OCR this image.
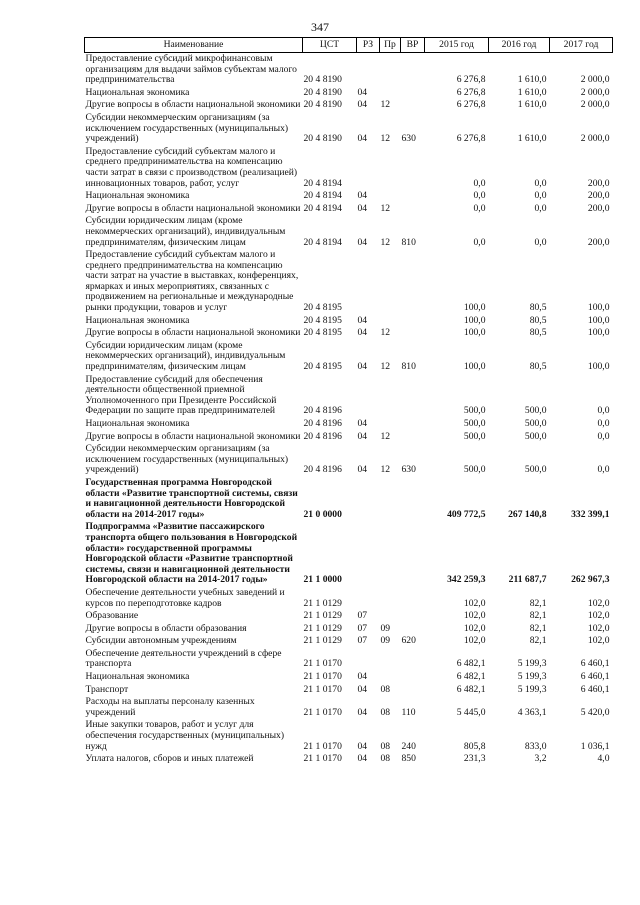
347
Наименование	ЦСТ	РЗ	Пр	ВР	2015 год	2016 год	2017 год
Предоставление субсидий микрофинансовым организациям для выдачи займов субъектам малого предпринимательства	20 4 8190				6 276,8	1 610,0	2 000,0
Национальная экономика	20 4 8190	04			6 276,8	1 610,0	2 000,0
Другие вопросы в области национальной экономики	20 4 8190	04	12		6 276,8	1 610,0	2 000,0
Субсидии некоммерческим организациям (за исключением государственных (муниципальных) учреждений)	20 4 8190	04	12	630	6 276,8	1 610,0	2 000,0
Предоставление субсидий субъектам малого и среднего предпринимательства на компенсацию части затрат в связи с производством (реализацией) инновационных товаров, работ, услуг	20 4 8194				0,0	0,0	200,0
Национальная экономика	20 4 8194	04			0,0	0,0	200,0
Другие вопросы в области национальной экономики	20 4 8194	04	12		0,0	0,0	200,0
Субсидии юридическим лицам (кроме некоммерческих организаций), индивидуальным предпринимателям, физическим лицам	20 4 8194	04	12	810	0,0	0,0	200,0
Предоставление субсидий субъектам малого и среднего предпринимательства на компенсацию части затрат на участие в выставках, конференциях, ярмарках и иных мероприятиях, связанных с продвижением на региональные и международные рынки продукции, товаров и услуг	20 4 8195				100,0	80,5	100,0
Национальная экономика	20 4 8195	04			100,0	80,5	100,0
Другие вопросы в области национальной экономики	20 4 8195	04	12		100,0	80,5	100,0
Субсидии юридическим лицам (кроме некоммерческих организаций), индивидуальным предпринимателям, физическим лицам	20 4 8195	04	12	810	100,0	80,5	100,0
Предоставление субсидий для обеспечения деятельности общественной приемной Уполномоченного при Президенте Российской Федерации по защите прав предпринимателей	20 4 8196				500,0	500,0	0,0
Национальная экономика	20 4 8196	04			500,0	500,0	0,0
Другие вопросы в области национальной экономики	20 4 8196	04	12		500,0	500,0	0,0
Субсидии некоммерческим организациям (за исключением государственных (муниципальных) учреждений)	20 4 8196	04	12	630	500,0	500,0	0,0
Государственная программа Новгородской области «Развитие транспортной системы, связи и навигационной деятельности Новгородской области на 2014-2017 годы»	21 0 0000				409 772,5	267 140,8	332 399,1
Подпрограмма «Развитие пассажирского транспорта общего пользования в Новгородской области» государственной программы Новгородской области «Развитие транспортной системы, связи и навигационной деятельности Новгородской области на 2014-2017 годы»	21 1 0000				342 259,3	211 687,7	262 967,3
Обеспечение деятельности учебных заведений и курсов по переподготовке кадров	21 1 0129				102,0	82,1	102,0
Образование	21 1 0129	07			102,0	82,1	102,0
Другие вопросы в области образования	21 1 0129	07	09		102,0	82,1	102,0
Субсидии автономным учреждениям	21 1 0129	07	09	620	102,0	82,1	102,0
Обеспечение деятельности учреждений в сфере транспорта	21 1 0170				6 482,1	5 199,3	6 460,1
Национальная экономика	21 1 0170	04			6 482,1	5 199,3	6 460,1
Транспорт	21 1 0170	04	08		6 482,1	5 199,3	6 460,1
Расходы на выплаты персоналу казенных учреждений	21 1 0170	04	08	110	5 445,0	4 363,1	5 420,0
Иные закупки товаров, работ и услуг для обеспечения государственных (муниципальных) нужд	21 1 0170	04	08	240	805,8	833,0	1 036,1
Уплата налогов, сборов и иных платежей	21 1 0170	04	08	850	231,3	3,2	4,0
